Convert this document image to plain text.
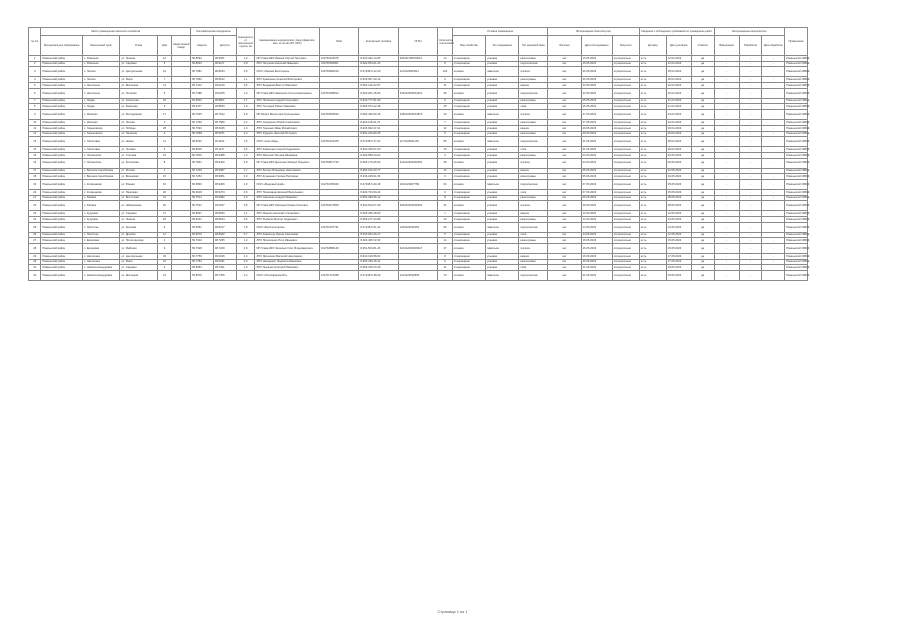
№ п/п	Место размещения пасечного хозяйства					Географические координаты		Удаленность от населенного пункта, км	Наименование юридического лица (фамилия, имя, отчество ИП, КФХ)	ИНН	Контактный телефон	ОГРН	Количество пчелосемей	Условия размещения			Ветеринарное благополучие			Сведения о соблюдении требований по проведению работ			Ветеринарные мероприятия			Примечание
	Муниципальное образование	Населенный пункт	Улица	Дом	Кадастровый номер	Широта	Долгота							Вид хозяйства	Тип содержания	Тип кормовой базы	Болезни	Дата исследования	Результат	Договор	Дата договора	Отметка	Вакцинация	Обработка	Дата обработки	
1	Ровеньский район	с. Ровеньки	ул. Ленина	12		50.8662	38.9051	1,2	ИП Глава КФХ Иванов Сергей Петрович	311700124578	8-910-322-14-55	304311708700012	14	стационарно	ульевая	разнотравье	нет	15.05.2023	отрицательно	есть	12.04.2023	да	-	-	-	Ровеньской СББЖ
2	Ровеньский район	с. Ровеньки	ул. Садовая	5		50.8624	38.9117	0,8	ЛПХ Петренко Николай Иванович	311700356901	8-920-554-01-23		8	стационарно	ульевая	подсолнечник	нет	15.05.2023	отрицательно	есть	12.04.2023	да	-	-	-	Ровеньской СББЖ
3	Ровеньский район	с. Лозное	ул. Центральная	31		50.7981	38.8043	2,5	ООО «Пасека Белогорья»	311700982310	8-47238-5-12-40	1123123004511	120	кочевое	павильон	гречиха	нет	20.05.2023	отрицательно	есть	18.04.2023	да	-	-	-	Ровеньской СББЖ
4	Ровеньский район	с. Лозное	ул. Мира	7		50.7953	38.8012	1,1	ЛПХ Кравченко Алексей Викторович		8-915-567-33-10		6	стационарно	ульевая	разнотравье	нет	20.05.2023	отрицательно	есть	18.04.2023	да	-	-	-	Ровеньской СББЖ
5	Ровеньский район	с. Нагольное	ул. Школьная	14		50.7412	39.0219	0,5	ЛПХ Бондарев Виктор Павлович		8-951-140-22-87		11	стационарно	ульевая	акация	нет	22.05.2023	отрицательно	есть	20.04.2023	да	-	-	-	Ровеньской СББЖ
6	Ровеньский район	с. Нагольное	ул. Полевая	3		50.7388	39.0265	1,4	ИП Глава КФХ Шевченко Ольга Николаевна	311702458812	8-920-201-45-66	315312300004421	36	кочевое	ульевая	подсолнечник	нет	22.05.2023	отрицательно	есть	20.04.2023	да	-	-	-	Ровеньской СББЖ
7	Ровеньский район	с. Айдар	ул. Советская	22		50.6504	38.8801	0,7	ЛПХ Литвинов Андрей Сергеевич		8-910-777-81-09		9	стационарно	ульевая	разнотравье	нет	25.05.2023	отрицательно	есть	21.04.2023	да	-	-	-	Ровеньской СББЖ
8	Ровеньский район	с. Айдар	ул. Заречная	9		50.6477	38.8843	1,9	ЛПХ Гончаров Павел Иванович		8-905-673-12-48		15	стационарно	ульевая	липа	нет	25.05.2023	отрицательно	есть	21.04.2023	да	-	-	-	Ровеньской СББЖ
9	Ровеньский район	с. Ясеново	ул. Молодежная	17		50.7025	38.7612	0,9	ИП Мороз Валентина Григорьевна	311700659034	8-952-433-09-18	318312300012870	42	кочевое	павильон	гречиха	нет	27.05.2023	отрицательно	есть	24.04.2023	да	-	-	-	Ровеньской СББЖ
10	Ровеньский район	с. Ясеново	ул. Лесная	2		50.7049	38.7580	2,2	ЛПХ Сидоренко Юрий Алексеевич		8-920-118-64-70		7	стационарно	ульевая	разнотравье	нет	27.05.2023	отрицательно	есть	24.04.2023	да	-	-	-	Ровеньской СББЖ
11	Ровеньский район	с. Харьковское	ул. Победы	28		50.7693	38.6925	1,0	ЛПХ Ткаченко Иван Михайлович		8-915-902-37-61		12	стационарно	ульевая	акация	нет	29.05.2023	отрицательно	есть	26.04.2023	да	-	-	-	Ровеньской СББЖ
12	Ровеньский район	с. Харьковское	ул. Гагарина	6		50.7668	38.6971	0,4	ЛПХ Руденко Николай Петрович		8-951-226-80-35		5	стационарно	ульевая	разнотравье	нет	29.05.2023	отрицательно	есть	26.04.2023	да	-	-	-	Ровеньской СББЖ
13	Ровеньский район	с. Свистовка	ул. Новая	11		50.8232	39.1104	1,6	ООО «Агро-Мед»	311701024478	8-47238-5-77-02	1173123021145	85	кочевое	павильон	подсолнечник	нет	01.06.2023	отрицательно	есть	28.04.2023	да	-	-	-	Ровеньской СББЖ
14	Ровеньский район	с. Свистовка	ул. Луговая	4		50.8205	39.1137	0,6	ЛПХ Коваленко Сергей Андреевич		8-910-345-67-20		10	стационарно	ульевая	липа	нет	01.06.2023	отрицательно	есть	28.04.2023	да	-	-	-	Ровеньской СББЖ
15	Ровеньский район	с. Лознянское	ул. Степная	19		50.7816	38.9488	1,3	ЛПХ Мельник Татьяна Ивановна		8-920-589-14-02		4	стационарно	ульевая	разнотравье	нет	03.06.2023	отрицательно	есть	02.05.2023	да	-	-	-	Ровеньской СББЖ
16	Ровеньский район	с. Лознянское	ул. Колхозная	8		50.7841	38.9452	0,9	ИП Глава КФХ Дьяченко Михаил Юрьевич	311700817745	8-905-170-28-93	312312303300051	28	кочевое	ульевая	гречиха	нет	03.06.2023	отрицательно	есть	02.05.2023	да	-	-	-	Ровеньской СББЖ
17	Ровеньский район	с. Верхняя Серебрянка	ул. Речная	1		50.7229	38.9987	1,7	ЛПХ Белоус Владимир Николаевич		8-952-610-43-77		13	стационарно	ульевая	акация	нет	05.06.2023	отрицательно	есть	04.05.2023	да	-	-	-	Ровеньской СББЖ
18	Ровеньский район	с. Верхняя Серебрянка	ул. Вишневая	15		50.7254	38.9951	0,3	ЛПХ Кузьменко Галина Петровна		8-915-248-91-56		6	стационарно	ульевая	разнотравье	нет	05.06.2023	отрицательно	есть	04.05.2023	да	-	-	-	Ровеньской СББЖ
19	Ровеньский район	с. Клименково	ул. Южная	10		50.6893	38.9406	2,0	ООО «Медовый край»	311701356620	8-47238-5-30-18	1193123007789	64	кочевое	павильон	подсолнечник	нет	07.06.2023	отрицательно	есть	05.05.2023	да	-	-	-	Ровеньской СББЖ
20	Ровеньский район	с. Клименково	ул. Парковая	26		50.6918	38.9373	0,6	ЛПХ Пономарев Евгений Васильевич		8-920-733-50-24		9	стационарно	ульевая	липа	нет	07.06.2023	отрицательно	есть	05.05.2023	да	-	-	-	Ровеньской СББЖ
21	Ровеньский район	с. Ржевка	ул. Восточная	13		50.7514	39.0682	1,5	ЛПХ Савченко Андрей Иванович		8-951-390-66-12		8	стационарно	ульевая	разнотравье	нет	09.06.2023	отрицательно	есть	08.05.2023	да	-	-	-	Ровеньской СББЖ
22	Ровеньский район	с. Ржевка	ул. Набережная	20		50.7541	39.0647	0,8	ИП Глава КФХ Левченко Роман Олегович	311702674509	8-910-812-07-39	320312300018204	31	кочевое	ульевая	гречиха	нет	09.06.2023	отрицательно	есть	08.05.2023	да	-	-	-	Ровеньской СББЖ
23	Ровеньский район	с. Кукуевка	ул. Садовая	27		50.8097	38.8659	1,1	ЛПХ Ищенко Николай Степанович		8-905-455-18-60		7	стационарно	ульевая	акация	нет	12.06.2023	отрицательно	есть	10.05.2023	да	-	-	-	Ровеньской СББЖ
24	Ровеньский район	с. Кукуевка	ул. Ленина	18		50.8121	38.8624	0,5	ЛПХ Рыбалко Виктор Андреевич		8-952-277-34-88		10	стационарно	ульевая	разнотравье	нет	12.06.2023	отрицательно	есть	10.05.2023	да	-	-	-	Ровеньской СББЖ
25	Ровеньский район	с. Пристень	ул. Зеленая	6		50.6651	38.8217	1,8	ООО «Белпчелопром»	311701497731	8-47238-5-61-44	1203123011563	96	кочевое	павильон	подсолнечник	нет	14.06.2023	отрицательно	есть	12.05.2023	да	-	-	-	Ровеньской СББЖ
26	Ровеньский район	с. Пристень	ул. Дружбы	12		50.6679	38.8182	0,7	ЛПХ Ковальчук Ирина Сергеевна		8-915-664-29-17		5	стационарно	ульевая	липа	нет	14.06.2023	отрицательно	есть	12.05.2023	да	-	-	-	Ровеньской СББЖ
27	Ровеньский район	с. Еремовка	ул. Пролетарская	4		50.7302	38.7265	1,2	ЛПХ Прокопенко Петр Иванович		8-920-406-72-53		14	стационарно	ульевая	разнотравье	нет	16.06.2023	отрицательно	есть	15.05.2023	да	-	-	-	Ровеньской СББЖ
28	Ровеньский район	с. Еремовка	ул. Майская	9		50.7328	38.7229	0,9	ИП Глава КФХ Зинченко Олег Владимирович	311702880146	8-951-503-81-26	321312300009917	47	кочевое	павильон	гречиха	нет	16.06.2023	отрицательно	есть	15.05.2023	да	-	-	-	Ровеньской СББЖ
29	Ровеньский район	с. Наголенка	ул. Центральная	33		50.7759	39.0326	2,4	ЛПХ Ярошенко Василий Николаевич		8-910-139-58-04		8	стационарно	ульевая	акация	нет	19.06.2023	отрицательно	есть	17.05.2023	да	-	-	-	Ровеньской СББЖ
30	Ровеньский район	с. Наголенка	ул. Мира	16		50.7784	39.0291	0,6	ЛПХ Назаренко Людмила Ивановна		8-905-782-46-31		6	стационарно	ульевая	разнотравье	нет	19.06.2023	отрицательно	есть	17.05.2023	да	-	-	-	Ровеньской СББЖ
31	Ровеньский район	с. Новоалександровка	ул. Садовая	2		50.8354	38.7491	1,0	ЛПХ Лысенко Григорий Павлович		8-952-318-70-45		11	стационарно	ульевая	липа	нет	21.06.2023	отрицательно	есть	19.05.2023	да	-	-	-	Ровеньской СББЖ
32	Ровеньский район	с. Новоалександровка	ул. Школьная	24		50.8379	38.7456	0,4	ООО «Пчелоферма Юг»	311701712258	8-47238-5-48-29	1213123002654	73	кочевое	павильон	подсолнечник	нет	21.06.2023	отрицательно	есть	19.05.2023	да	-	-	-	Ровеньской СББЖ
Страница 1 из 1
